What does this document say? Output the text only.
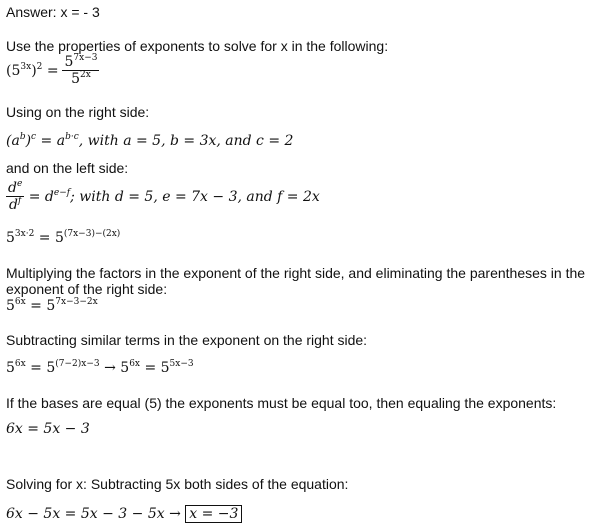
Answer: x = - 3
Use the properties of exponents to solve for x in the following:
$(5^{3x})^2 = \frac{5^{7x-3}}{5^{2x}}$
Using on the right side:
$(a^b)^c = a^{b\cdot c}$, with a = 5, b = 3x, and c = 2
and on the left side:
$\frac{d^e}{d^f} = d^{e-f}$; with d = 5, e = 7x − 3, and f = 2x
$5^{3x\cdot 2} = 5^{(7x-3)-(2x)}$
Multiplying the factors in the exponent of the right side, and eliminating the parentheses in the
exponent of the right side:
$5^{6x} = 5^{7x-3-2x}$
Subtracting similar terms in the exponent on the right side:
$5^{6x} = 5^{(7-2)x-3} \to 5^{6x} = 5^{5x-3}$
If the bases are equal (5) the exponents must be equal too, then equaling the exponents:
6x = 5x − 3
Solving for x: Subtracting 5x both sides of the equation:
6x − 5x = 5x − 3 − 5x → x = −3
